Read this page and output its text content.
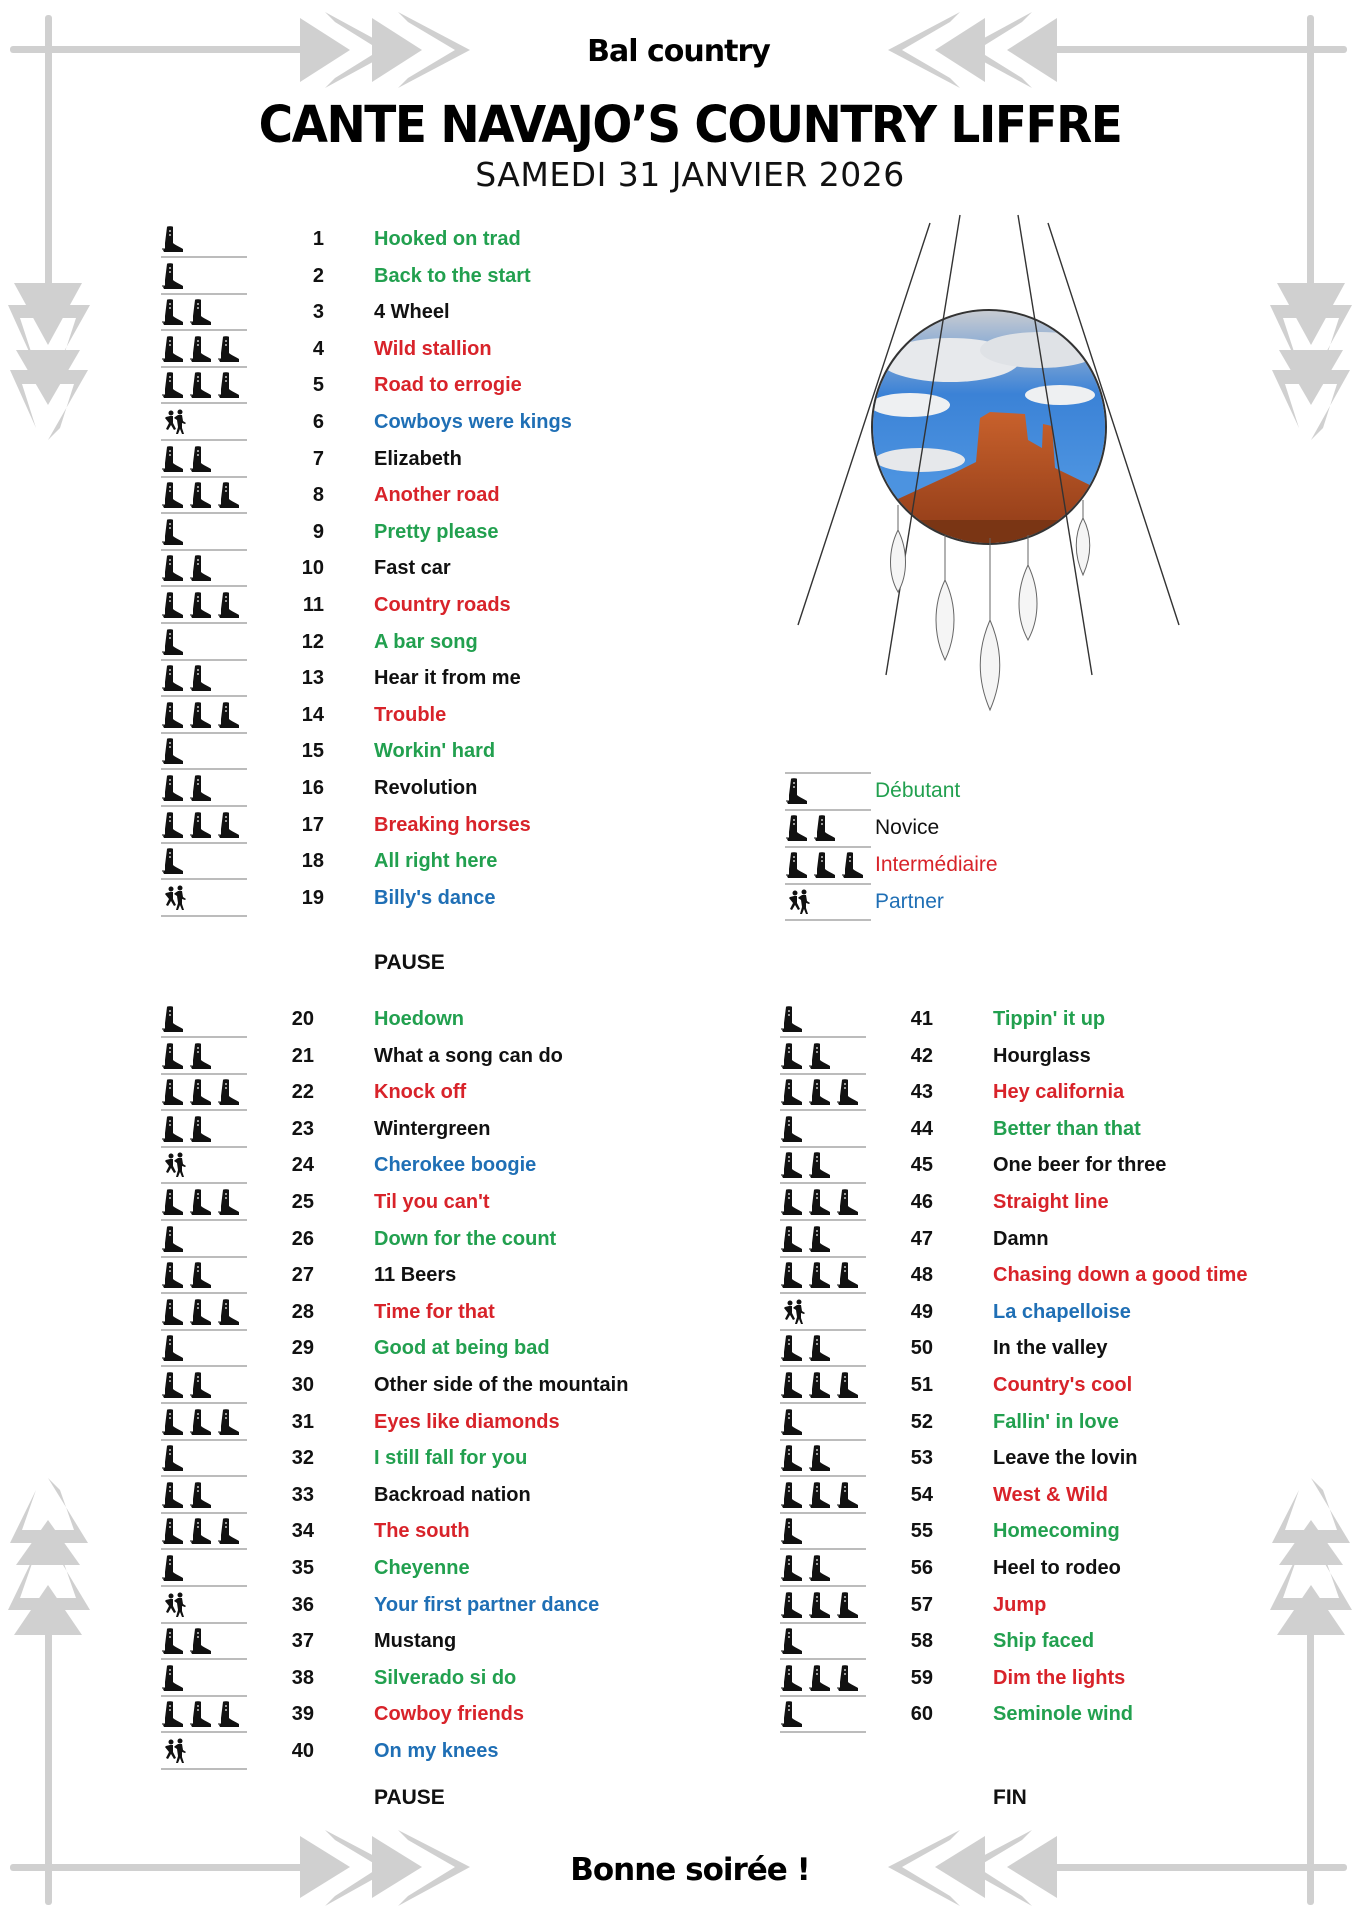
Bal country
CANTE NAVAJO’S COUNTRY LIFFRE
SAMEDI 31 JANVIER 2026
Débutant
Novice
Intermédiaire
Partner
1	Hooked on trad
2	Back to the start
3	4 Wheel
4	Wild stallion
5	Road to errogie
6	Cowboys were kings
7	Elizabeth
8	Another road
9	Pretty please
10	Fast car
11	Country roads
12	A bar song
13	Hear it from me
14	Trouble
15	Workin' hard
16	Revolution
17	Breaking horses
18	All right here
19	Billy's dance
PAUSE
20	Hoedown
21	What a song can do
22	Knock off
23	Wintergreen
24	Cherokee boogie
25	Til you can't
26	Down for the count
27	11 Beers
28	Time for that
29	Good at being bad
30	Other side of the mountain
31	Eyes like diamonds
32	I still fall for you
33	Backroad nation
34	The south
35	Cheyenne
36	Your first partner dance
37	Mustang
38	Silverado si do
39	Cowboy friends
40	On my knees
PAUSE
41	Tippin' it up
42	Hourglass
43	Hey california
44	Better than that
45	One beer for three
46	Straight line
47	Damn
48	Chasing down a good time
49	La chapelloise
50	In the valley
51	Country's cool
52	Fallin' in love
53	Leave the lovin
54	West & Wild
55	Homecoming
56	Heel to rodeo
57	Jump
58	Ship faced
59	Dim the lights
60	Seminole wind
FIN
Bonne soirée !
